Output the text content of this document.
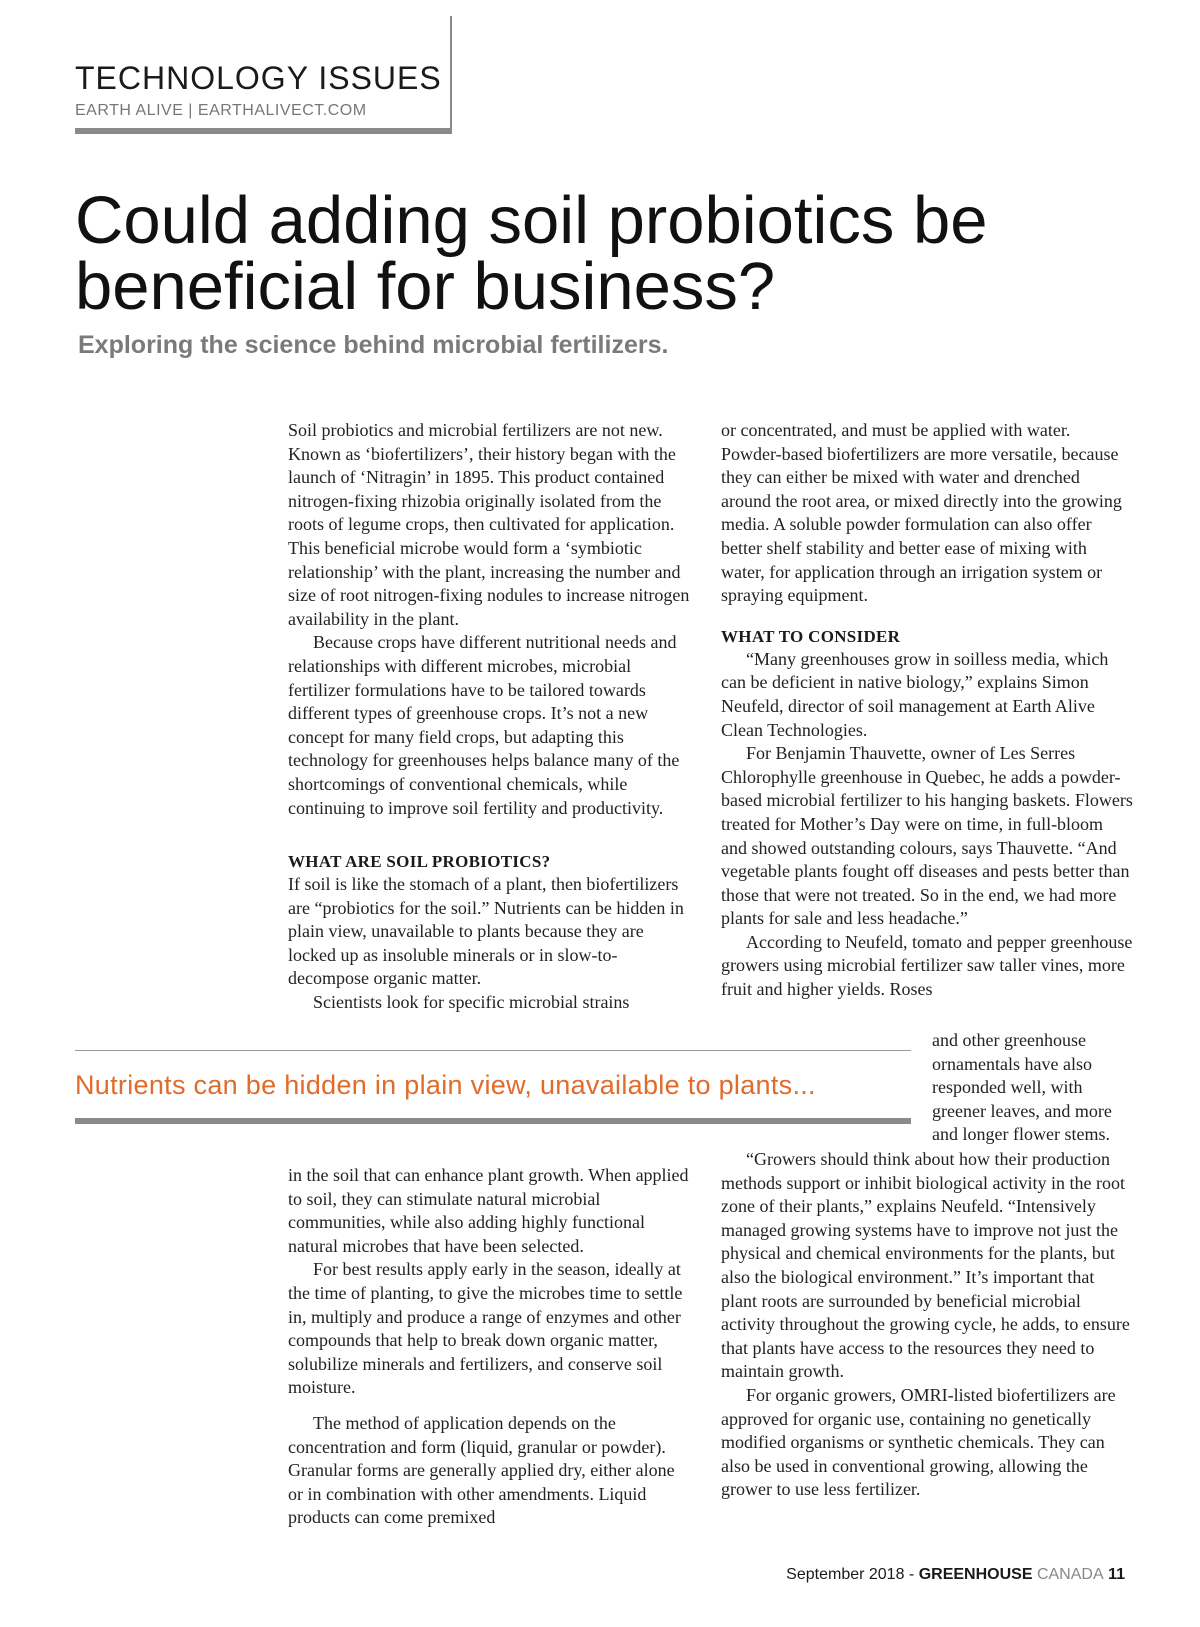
TECHNOLOGY ISSUES
EARTH ALIVE | EARTHALIVECT.COM
Could adding soil probiotics be beneficial for business?
Exploring the science behind microbial fertilizers.

Soil probiotics and microbial fertilizers are not new. Known as ‘biofertilizers’, their history began with the launch of ‘Nitragin’ in 1895. This product contained nitrogen-fixing rhizobia originally isolated from the roots of legume crops, then cultivated for application. This beneficial microbe would form a ‘symbiotic relationship’ with the plant, increasing the number and size of root nitrogen-fixing nodules to increase nitrogen availability in the plant.

Because crops have different nutritional needs and relationships with different microbes, microbial fertilizer formulations have to be tailored towards different types of greenhouse crops. It’s not a new concept for many field crops, but adapting this technology for greenhouses helps balance many of the shortcomings of conventional chemicals, while continuing to improve soil fertility and productivity.

WHAT ARE SOIL PROBIOTICS?

If soil is like the stomach of a plant, then biofertilizers are “probiotics for the soil.” Nutrients can be hidden in plain view, unavailable to plants because they are locked up as insoluble minerals or in slow-to-decompose organic matter.

Scientists look for specific microbial strains

Nutrients can be hidden in plain view, unavailable to plants...

in the soil that can enhance plant growth. When applied to soil, they can stimulate natural microbial communities, while also adding highly functional natural microbes that have been selected.

For best results apply early in the season, ideally at the time of planting, to give the microbes time to settle in, multiply and produce a range of enzymes and other compounds that help to break down organic matter, solubilize minerals and fertilizers, and conserve soil moisture.

The method of application depends on the concentration and form (liquid, granular or powder). Granular forms are generally applied dry, either alone or in combination with other amendments. Liquid products can come premixed

or concentrated, and must be applied with water. Powder-based biofertilizers are more versatile, because they can either be mixed with water and drenched around the root area, or mixed directly into the growing media. A soluble powder formulation can also offer better shelf stability and better ease of mixing with water, for application through an irrigation system or spraying equipment.

WHAT TO CONSIDER

“Many greenhouses grow in soilless media, which can be deficient in native biology,” explains Simon Neufeld, director of soil management at Earth Alive Clean Technologies.

For Benjamin Thauvette, owner of Les Serres Chlorophylle greenhouse in Quebec, he adds a powder-based microbial fertilizer to his hanging baskets. Flowers treated for Mother’s Day were on time, in full-bloom and showed outstanding colours, says Thauvette. “And vegetable plants fought off diseases and pests better than those that were not treated. So in the end, we had more plants for sale and less headache.”

According to Neufeld, tomato and pepper greenhouse growers using microbial fertilizer saw taller vines, more fruit and higher yields. Roses

and other greenhouse ornamentals have also responded well, with greener leaves, and more and longer flower stems.

“Growers should think about how their production methods support or inhibit biological activity in the root zone of their plants,” explains Neufeld. “Intensively managed growing systems have to improve not just the physical and chemical environments for the plants, but also the biological environment.” It’s important that plant roots are surrounded by beneficial microbial activity throughout the growing cycle, he adds, to ensure that plants have access to the resources they need to maintain growth.

For organic growers, OMRI-listed biofertilizers are approved for organic use, containing no genetically modified organisms or synthetic chemicals. They can also be used in conventional growing, allowing the grower to use less fertilizer.

September 2018 - GREENHOUSE CANADA 11
